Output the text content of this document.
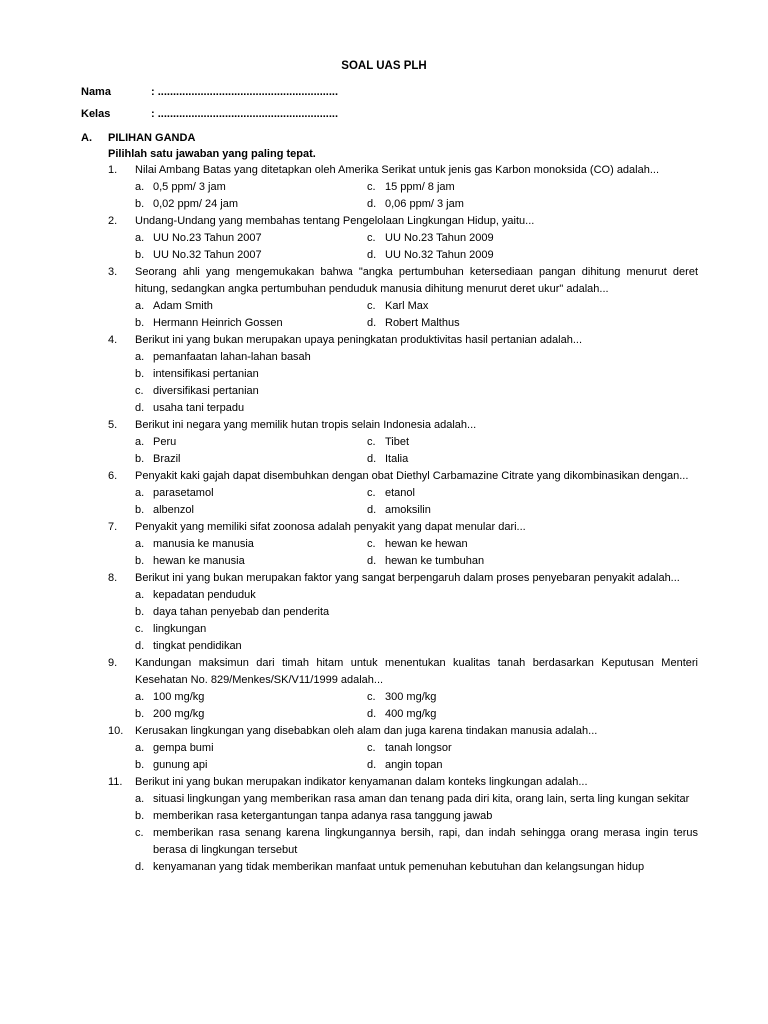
SOAL UAS PLH
Nama	: ...........................................................
Kelas	: ...........................................................
A. PILIHAN GANDA
Pilihlah satu jawaban yang paling tepat.
1.	Nilai Ambang Batas yang ditetapkan oleh Amerika Serikat untuk jenis gas Karbon monoksida (CO) adalah...
a. 0,5 ppm/ 3 jam	c. 15 ppm/ 8 jam
b. 0,02 ppm/ 24 jam	d. 0,06 ppm/ 3 jam
2.	Undang-Undang yang membahas tentang Pengelolaan Lingkungan Hidup, yaitu...
a. UU No.23 Tahun 2007	c. UU No.23 Tahun 2009
b. UU No.32 Tahun 2007	d. UU No.32 Tahun 2009
3.	Seorang ahli yang mengemukakan bahwa "angka pertumbuhan ketersediaan pangan dihitung menurut deret hitung, sedangkan angka pertumbuhan penduduk manusia dihitung menurut deret ukur" adalah...
a. Adam Smith	c. Karl Max
b. Hermann Heinrich Gossen	d. Robert Malthus
4.	Berikut ini yang bukan merupakan upaya peningkatan produktivitas hasil pertanian adalah...
a. pemanfaatan lahan-lahan basah
b. intensifikasi pertanian
c. diversifikasi pertanian
d. usaha tani terpadu
5.	Berikut ini negara yang memilik hutan tropis selain Indonesia adalah...
a. Peru	c. Tibet
b. Brazil	d. Italia
6.	Penyakit kaki gajah dapat disembuhkan dengan obat Diethyl Carbamazine Citrate yang dikombinasikan dengan...
a. parasetamol	c. etanol
b. albenzol	d. amoksilin
7.	Penyakit yang memiliki sifat zoonosa adalah penyakit yang dapat menular dari...
a. manusia ke manusia	c. hewan ke hewan
b. hewan ke manusia	d. hewan ke tumbuhan
8.	Berikut ini yang bukan merupakan faktor yang sangat berpengaruh dalam proses penyebaran penyakit adalah...
a. kepadatan penduduk
b. daya tahan penyebab dan penderita
c. lingkungan
d. tingkat pendidikan
9.	Kandungan maksimun dari timah hitam untuk menentukan kualitas tanah berdasarkan Keputusan Menteri Kesehatan No. 829/Menkes/SK/V11/1999 adalah...
a. 100 mg/kg	c. 300 mg/kg
b. 200 mg/kg	d. 400 mg/kg
10.	Kerusakan lingkungan yang disebabkan oleh alam dan juga karena tindakan manusia adalah...
a. gempa bumi	c. tanah longsor
b. gunung api	d. angin topan
11.	Berikut ini yang bukan merupakan indikator kenyamanan dalam konteks lingkungan adalah...
a. situasi lingkungan yang memberikan rasa aman dan tenang pada diri kita, orang lain, serta ling kungan sekitar
b. memberikan rasa ketergantungan tanpa adanya rasa tanggung jawab
c. memberikan rasa senang karena lingkungannya bersih, rapi, dan indah sehingga orang merasa ingin terus berasa di lingkungan tersebut
d. kenyamanan yang tidak memberikan manfaat untuk pemenuhan kebutuhan dan kelangsungan hidup
